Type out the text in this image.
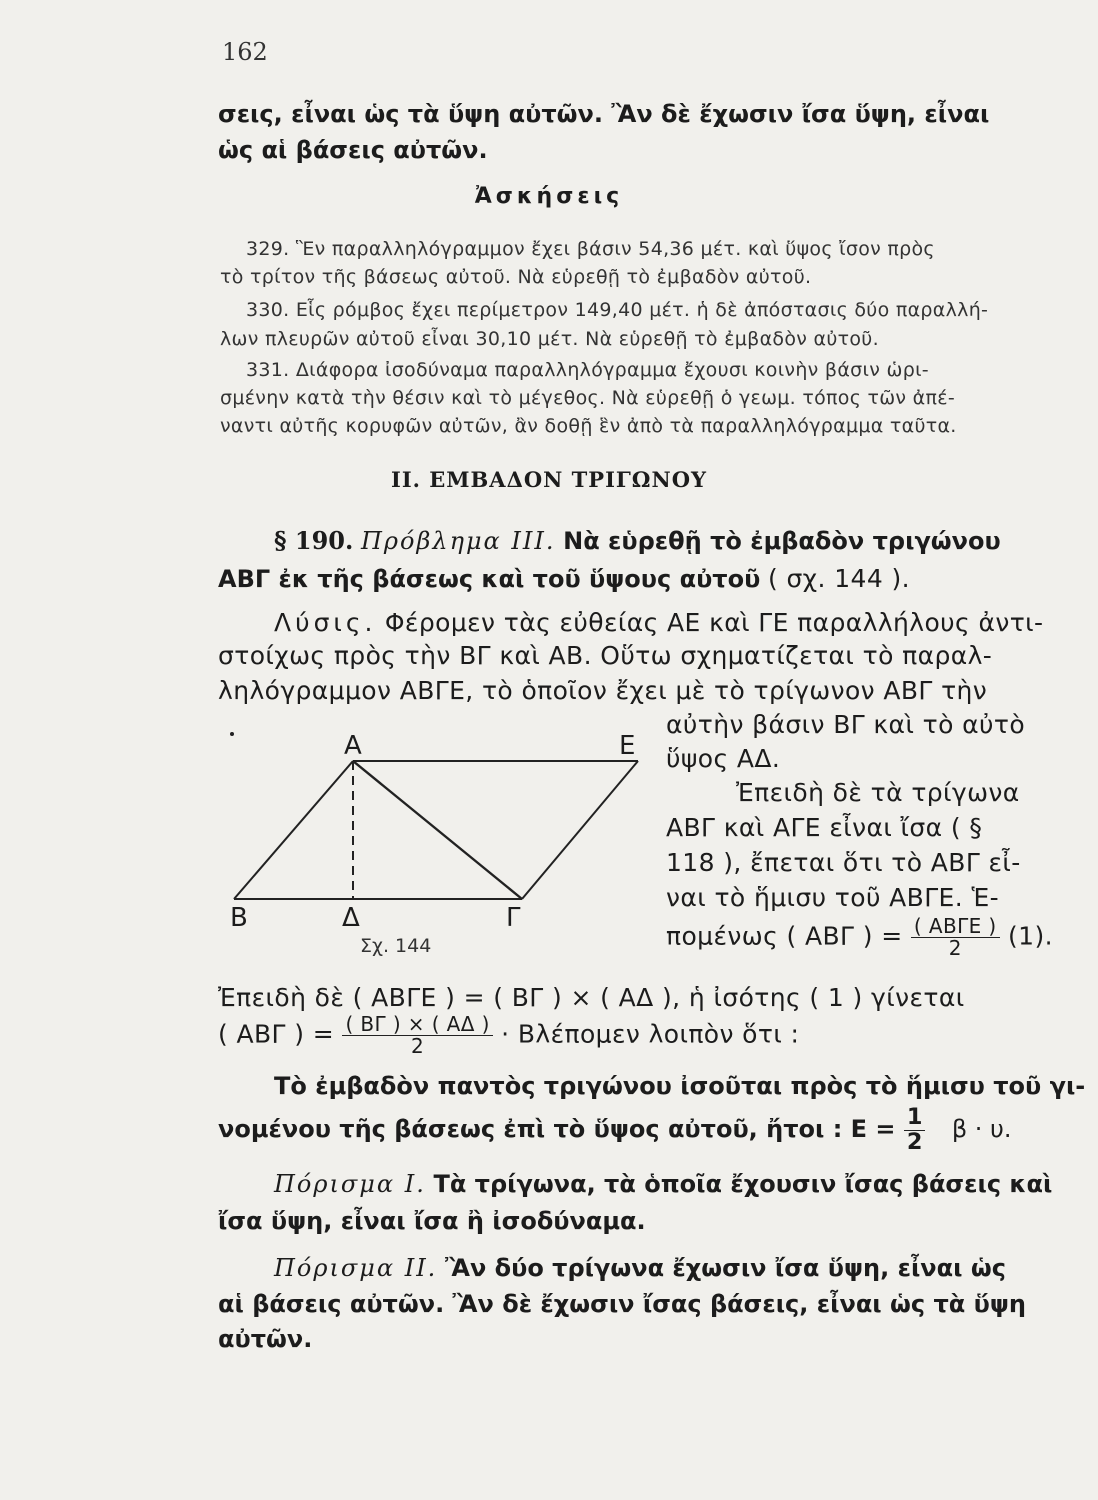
162
σεις, εἶναι ὡς τὰ ὕψη αὐτῶν. Ἂν δὲ ἔχωσιν ἴσα ὕψη, εἶναι
ὡς αἱ βάσεις αὐτῶν.
Ἀσκήσεις
329. Ἓν παραλληλόγραμμον ἔχει βάσιν 54,36 μέτ. καὶ ὕψος ἴσον πρὸς
τὸ τρίτον τῆς βάσεως αὐτοῦ. Νὰ εὑρεθῇ τὸ ἐμβαδὸν αὐτοῦ.
330. Εἷς ρόμβος ἔχει περίμετρον 149,40 μέτ. ἡ δὲ ἀπόστασις δύο παραλλή-
λων πλευρῶν αὐτοῦ εἶναι 30,10 μέτ. Νὰ εὑρεθῇ τὸ ἐμβαδὸν αὐτοῦ.
331. Διάφορα ἰσοδύναμα παραλληλόγραμμα ἔχουσι κοινὴν βάσιν ὡρι-
σμένην κατὰ τὴν θέσιν καὶ τὸ μέγεθος. Νὰ εὑρεθῇ ὁ γεωμ. τόπος τῶν ἀπέ-
ναντι αὐτῆς κορυφῶν αὐτῶν, ἂν δοθῇ ἓν ἀπὸ τὰ παραλληλόγραμμα ταῦτα.
II. ΕΜΒΑΔΟΝ ΤΡΙΓΩΝΟΥ
§ 190. Πρόβλημα ΙΙΙ. Νὰ εὑρεθῇ τὸ ἐμβαδὸν τριγώνου
ΑΒΓ ἐκ τῆς βάσεως καὶ τοῦ ὕψους αὐτοῦ ( σχ. 144 ).
Λύσις. Φέρομεν τὰς εὐθείας ΑΕ καὶ ΓΕ παραλλήλους ἀντι-
στοίχως πρὸς τὴν ΒΓ καὶ ΑΒ. Οὕτω σχηματίζεται τὸ παραλ-
ληλόγραμμον ΑΒΓΕ, τὸ ὁποῖον ἔχει μὲ τὸ τρίγωνον ΑΒΓ τὴν
αὐτὴν βάσιν ΒΓ καὶ τὸ αὐτὸ
ὕψος ΑΔ.
Ἐπειδὴ δὲ τὰ τρίγωνα
ΑΒΓ καὶ ΑΓΕ εἶναι ἴσα ( §
118 ), ἔπεται ὅτι τὸ ΑΒΓ εἶ-
ναι τὸ ἥμισυ τοῦ ΑΒΓΕ. Ἑ-
πομένως ( ΑΒΓ ) = $\frac{\text{( ΑΒΓΕ )}}{2} (1)$.
Α	Ε
Β	Δ	Γ
Σχ. 144
Ἐπειδὴ δὲ ( ΑΒΓΕ ) = ( ΒΓ ) × ( ΑΔ ), ἡ ἰσότης ( 1 ) γίνεται
( ΑΒΓ ) = $\frac{( B\Gamma ) \times ( A\Delta )}{2} \cdot B\lambda έ\pi o\mu\varepsilon\nu$ λοιπὸν ὅτι :
Τὸ ἐμβαδὸν παντὸς τριγώνου ἰσοῦται πρὸς τὸ ἥμισυ τοῦ γι-
νομένου τῆς βάσεως ἐπὶ τὸ ὕψος αὐτοῦ, ἤτοι : $E = \frac{1}{2}$ β · υ.
Πόρισμα Ι. Τὰ τρίγωνα, τὰ ὁποῖα ἔχουσιν ἴσας βάσεις καὶ
ἴσα ὕψη, εἶναι ἴσα ἢ ἰσοδύναμα.
Πόρισμα ΙΙ. Ἂν δύο τρίγωνα ἔχωσιν ἴσα ὕψη, εἶναι ὡς
αἱ βάσεις αὐτῶν. Ἂν δὲ ἔχωσιν ἴσας βάσεις, εἶναι ὡς τὰ ὕψη
αὐτῶν.
